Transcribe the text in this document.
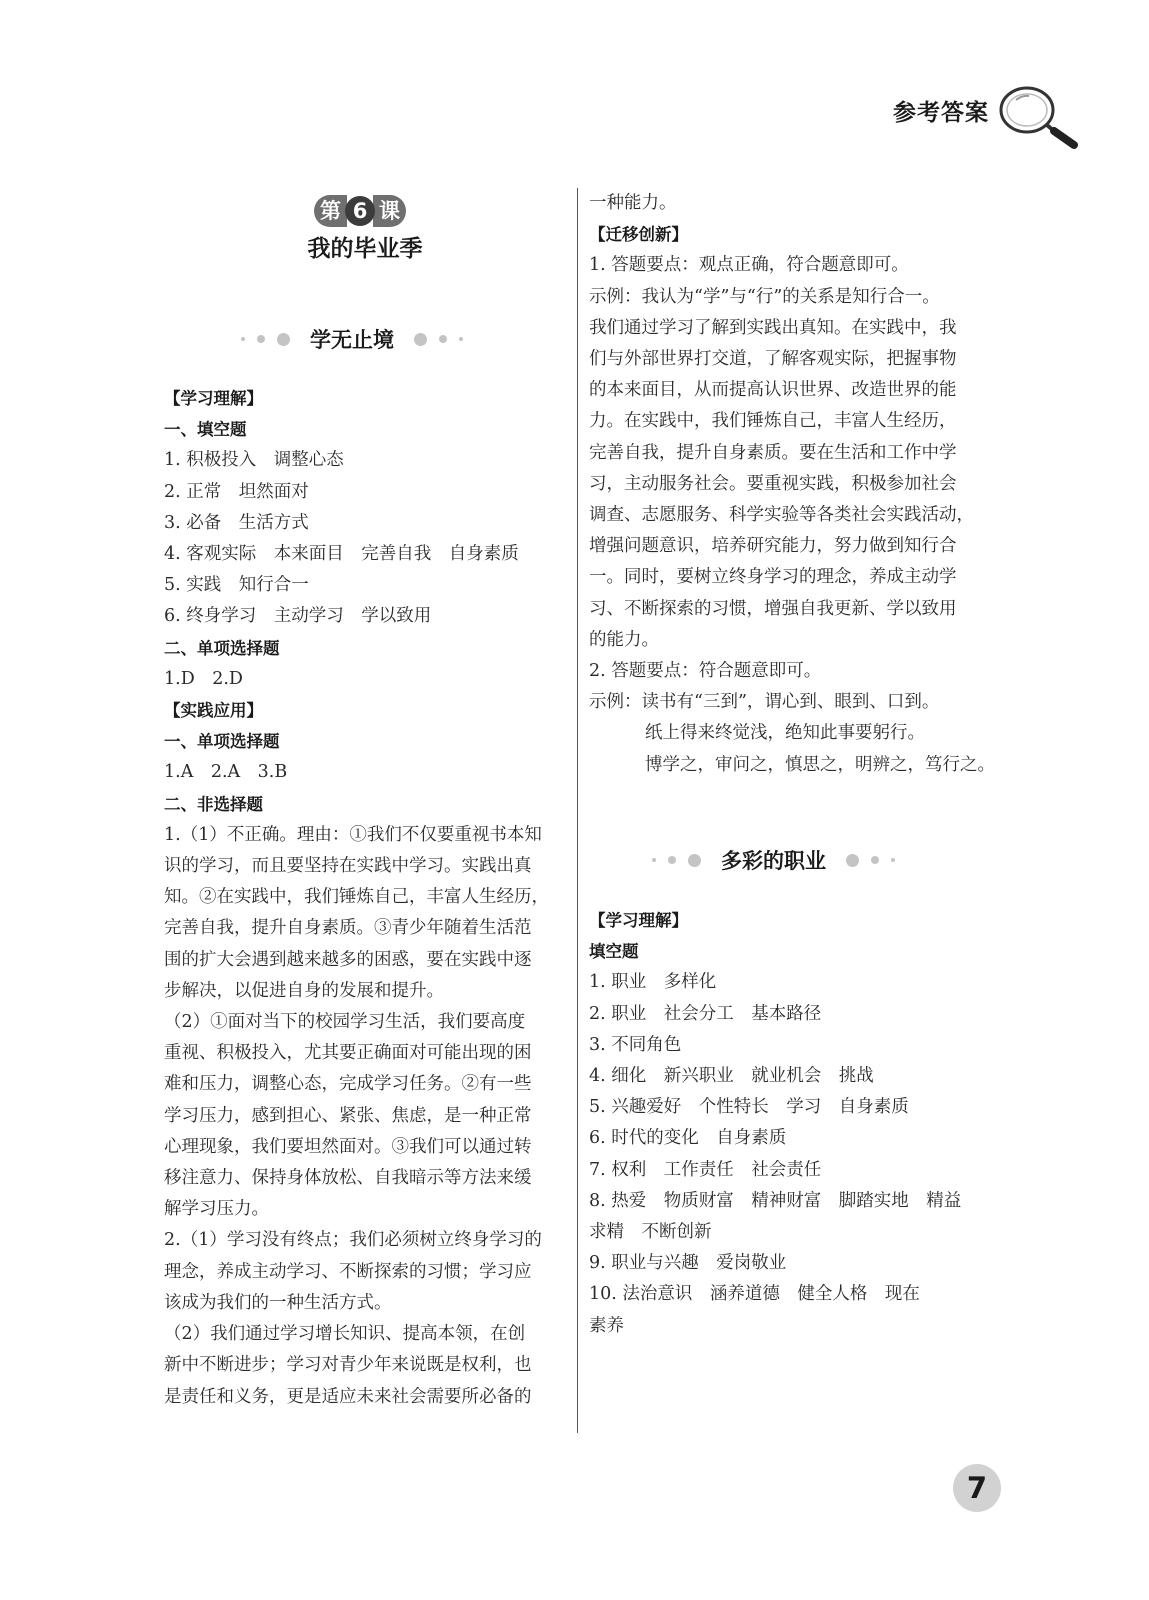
参考答案
第 6 课
我的毕业季
学无止境

【学习理解】

一、填空题

1. 积极投入　调整心态

2. 正常　坦然面对

3. 必备　生活方式

4. 客观实际　本来面目　完善自我　自身素质

5. 实践　知行合一

6. 终身学习　主动学习　学以致用

二、单项选择题

1.D　2.D

【实践应用】

一、单项选择题

1.A　2.A　3.B

二、非选择题

1.（1）不正确。理由：①我们不仅要重视书本知

识的学习，而且要坚持在实践中学习。实践出真

知。②在实践中，我们锤炼自己，丰富人生经历，

完善自我，提升自身素质。③青少年随着生活范

围的扩大会遇到越来越多的困惑，要在实践中逐

步解决，以促进自身的发展和提升。

（2）①面对当下的校园学习生活，我们要高度

重视、积极投入，尤其要正确面对可能出现的困

难和压力，调整心态，完成学习任务。②有一些

学习压力，感到担心、紧张、焦虑，是一种正常

心理现象，我们要坦然面对。③我们可以通过转

移注意力、保持身体放松、自我暗示等方法来缓

解学习压力。

2.（1）学习没有终点；我们必须树立终身学习的

理念，养成主动学习、不断探索的习惯；学习应

该成为我们的一种生活方式。

（2）我们通过学习增长知识、提高本领，在创

新中不断进步；学习对青少年来说既是权利，也

是责任和义务，更是适应未来社会需要所必备的

一种能力。

【迁移创新】

1. 答题要点：观点正确，符合题意即可。

示例：我认为“学”与“行”的关系是知行合一。

我们通过学习了解到实践出真知。在实践中，我

们与外部世界打交道，了解客观实际，把握事物

的本来面目，从而提高认识世界、改造世界的能

力。在实践中，我们锤炼自己，丰富人生经历，

完善自我，提升自身素质。要在生活和工作中学

习，主动服务社会。要重视实践，积极参加社会

调查、志愿服务、科学实验等各类社会实践活动，

增强问题意识，培养研究能力，努力做到知行合

一。同时，要树立终身学习的理念，养成主动学

习、不断探索的习惯，增强自我更新、学以致用

的能力。

2. 答题要点：符合题意即可。

示例：读书有“三到”，谓心到、眼到、口到。

纸上得来终觉浅，绝知此事要躬行。

博学之，审问之，慎思之，明辨之，笃行之。

多彩的职业

【学习理解】

填空题

1. 职业　多样化

2. 职业　社会分工　基本路径

3. 不同角色

4. 细化　新兴职业　就业机会　挑战

5. 兴趣爱好　个性特长　学习　自身素质

6. 时代的变化　自身素质

7. 权利　工作责任　社会责任

8. 热爱　物质财富　精神财富　脚踏实地　精益

求精　不断创新

9. 职业与兴趣　爱岗敬业

10. 法治意识　涵养道德　健全人格　现在

素养

7
